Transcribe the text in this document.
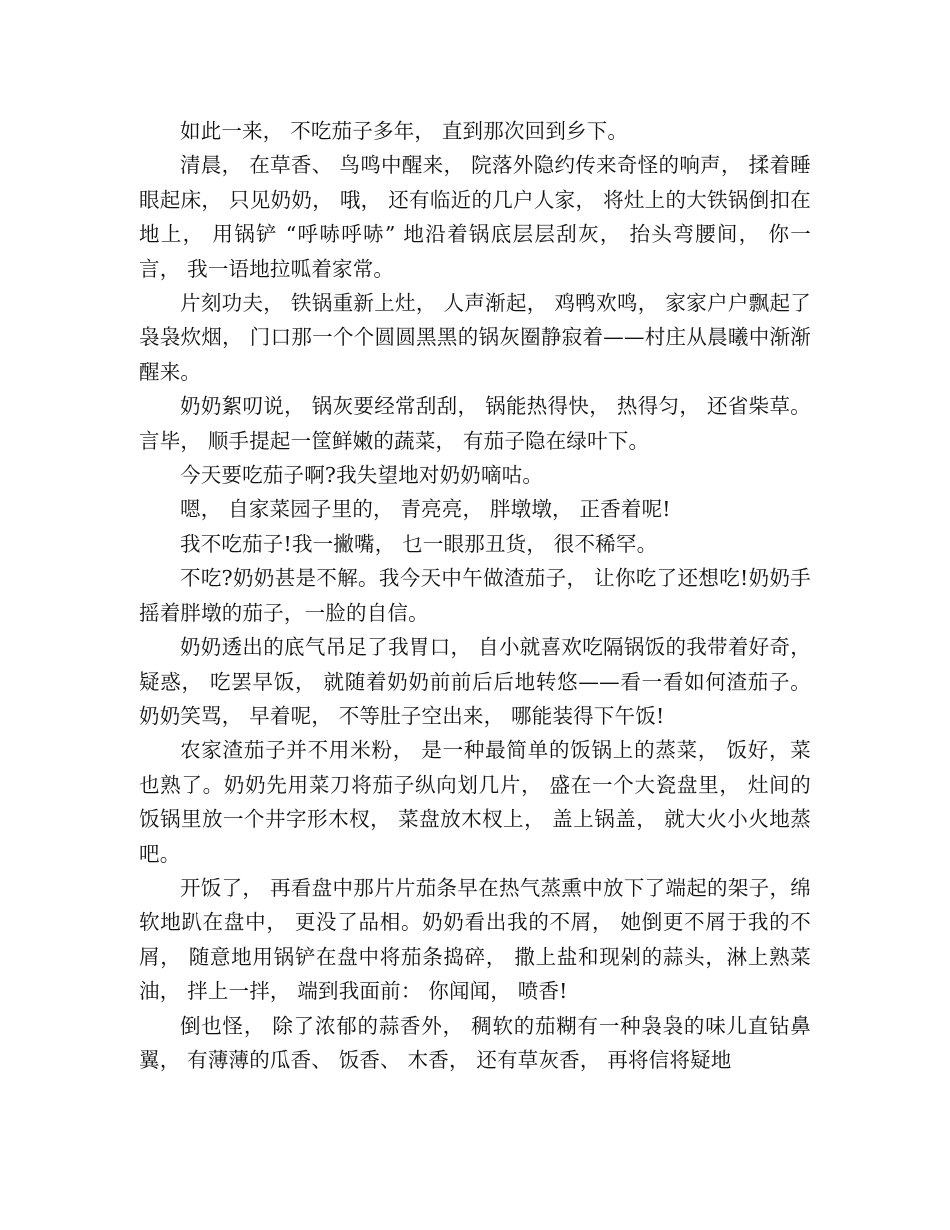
如此一来， 不吃茄子多年， 直到那次回到乡下。

清晨， 在草香、 鸟鸣中醒来， 院落外隐约传来奇怪的响声， 揉着睡眼起床， 只见奶奶， 哦， 还有临近的几户人家， 将灶上的大铁锅倒扣在地上， 用锅铲 “呼哧呼哧” 地沿着锅底层层刮灰， 抬头弯腰间， 你一言， 我一语地拉呱着家常。

片刻功夫， 铁锅重新上灶， 人声渐起， 鸡鸭欢鸣， 家家户户飘起了袅袅炊烟， 门口那一个个圆圆黑黑的锅灰圈静寂着——村庄从晨曦中渐渐醒来。

奶奶絮叨说， 锅灰要经常刮刮， 锅能热得快， 热得匀， 还省柴草。言毕， 顺手提起一筐鲜嫩的蔬菜， 有茄子隐在绿叶下。

今天要吃茄子啊?我失望地对奶奶嘀咕。

嗯， 自家菜园子里的， 青亮亮， 胖墩墩， 正香着呢!

我不吃茄子!我一撇嘴， 乜一眼那丑货， 很不稀罕。

不吃?奶奶甚是不解。我今天中午做渣茄子， 让你吃了还想吃!奶奶手摇着胖墩的茄子，一脸的自信。

奶奶透出的底气吊足了我胃口， 自小就喜欢吃隔锅饭的我带着好奇，疑惑， 吃罢早饭， 就随着奶奶前前后后地转悠——看一看如何渣茄子。奶奶笑骂， 早着呢， 不等肚子空出来， 哪能装得下午饭!

农家渣茄子并不用米粉， 是一种最简单的饭锅上的蒸菜， 饭好，菜也熟了。奶奶先用菜刀将茄子纵向划几片， 盛在一个大瓷盘里， 灶间的饭锅里放一个井字形木杈， 菜盘放木杈上， 盖上锅盖， 就大火小火地蒸吧。

开饭了， 再看盘中那片片茄条早在热气蒸熏中放下了端起的架子，绵软地趴在盘中， 更没了品相。奶奶看出我的不屑， 她倒更不屑于我的不屑， 随意地用锅铲在盘中将茄条捣碎， 撒上盐和现剁的蒜头，淋上熟菜油， 拌上一拌， 端到我面前： 你闻闻， 喷香!

倒也怪， 除了浓郁的蒜香外， 稠软的茄糊有一种袅袅的味儿直钻鼻翼， 有薄薄的瓜香、 饭香、 木香， 还有草灰香， 再将信将疑地
